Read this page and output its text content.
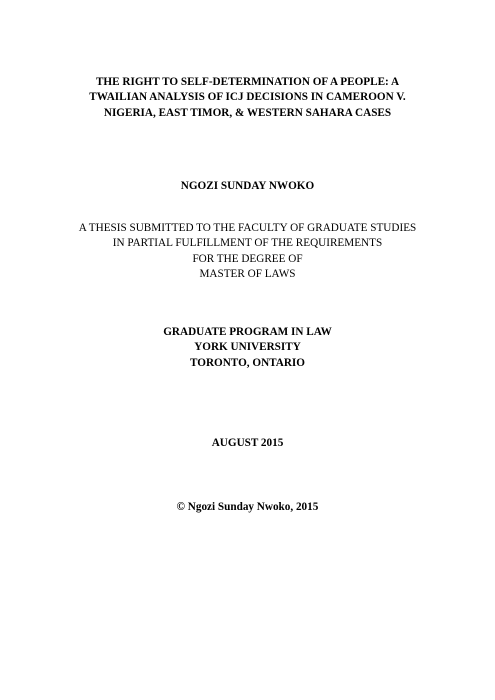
THE RIGHT TO SELF-DETERMINATION OF A PEOPLE: A
TWAILIAN ANALYSIS OF ICJ DECISIONS IN CAMEROON V.
NIGERIA, EAST TIMOR, & WESTERN SAHARA CASES
NGOZI SUNDAY NWOKO
A THESIS SUBMITTED TO THE FACULTY OF GRADUATE STUDIES
IN PARTIAL FULFILLMENT OF THE REQUIREMENTS
FOR THE DEGREE OF
MASTER OF LAWS
GRADUATE PROGRAM IN LAW
YORK UNIVERSITY
TORONTO, ONTARIO
AUGUST 2015
© Ngozi Sunday Nwoko, 2015
